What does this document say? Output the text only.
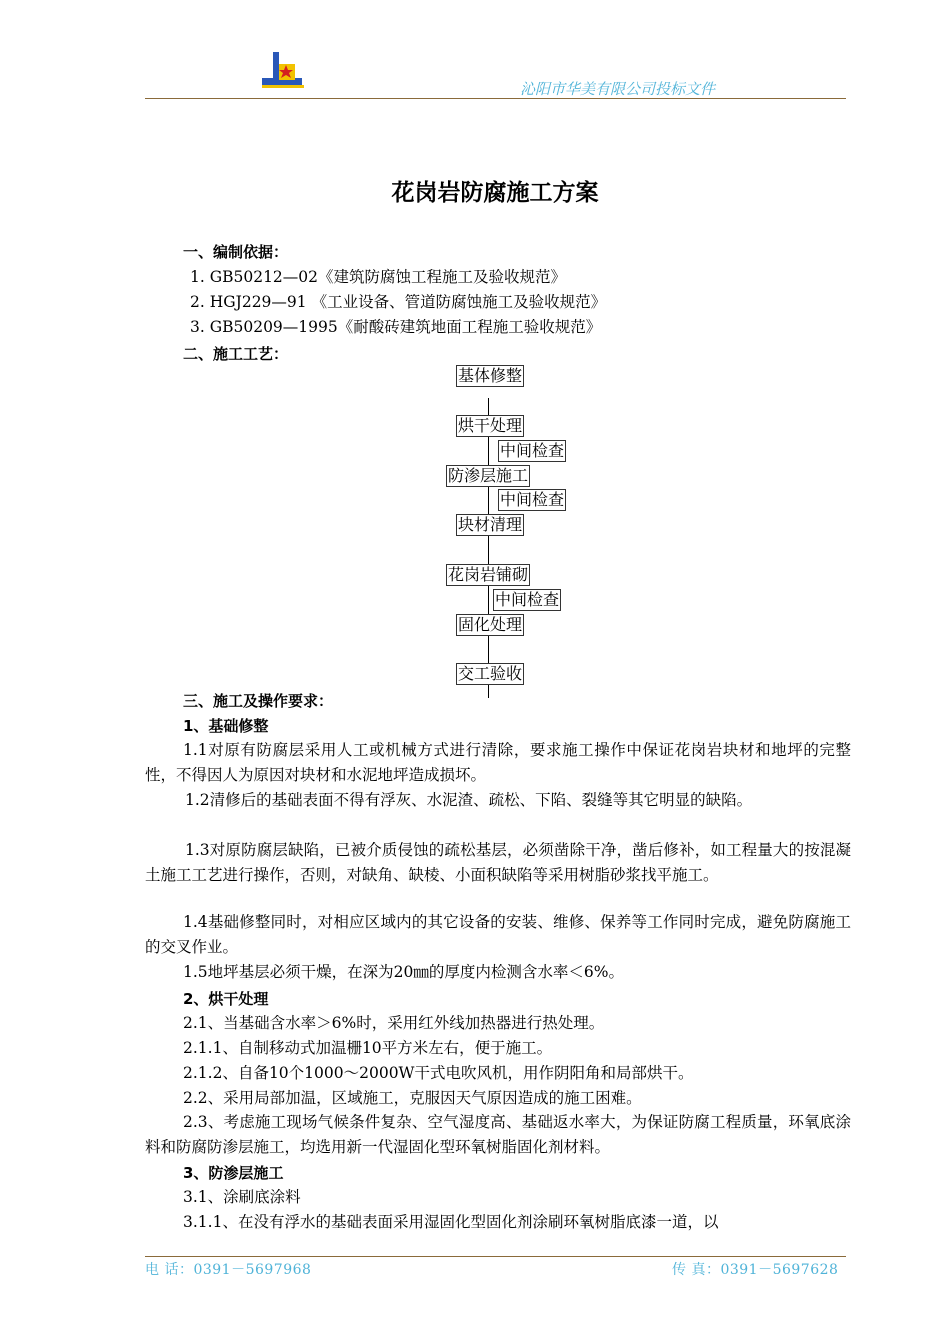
沁阳市华美有限公司投标文件
花岗岩防腐施工方案
一、编制依据：
1. GB50212—02《建筑防腐蚀工程施工及验收规范》
2. HGJ229—91 《工业设备、管道防腐蚀施工及验收规范》
3. GB50209—1995《耐酸砖建筑地面工程施工验收规范》
二、施工工艺：
基体修整
烘干处理
中间检查
防渗层施工
中间检查
块材清理
花岗岩铺砌
中间检查
固化处理
交工验收
三、施工及操作要求：
1、基础修整
1.1对原有防腐层采用人工或机械方式进行清除，要求施工操作中保证花岗岩块材和地坪的完整性，不得因人为原因对块材和水泥地坪造成损坏。
1.2清修后的基础表面不得有浮灰、水泥渣、疏松、下陷、裂缝等其它明显的缺陷。
1.3对原防腐层缺陷，已被介质侵蚀的疏松基层，必须凿除干净，凿后修补，如工程量大的按混凝土施工工艺进行操作，否则，对缺角、缺棱、小面积缺陷等采用树脂砂浆找平施工。
1.4基础修整同时，对相应区域内的其它设备的安装、维修、保养等工作同时完成，避免防腐施工的交叉作业。
1.5地坪基层必须干燥，在深为20㎜的厚度内检测含水率＜6%。
2、烘干处理
2.1、当基础含水率＞6%时，采用红外线加热器进行热处理。
2.1.1、自制移动式加温栅10平方米左右，便于施工。
2.1.2、自备10个1000～2000W干式电吹风机，用作阴阳角和局部烘干。
2.2、采用局部加温，区域施工，克服因天气原因造成的施工困难。
2.3、考虑施工现场气候条件复杂、空气湿度高、基础返水率大，为保证防腐工程质量，环氧底涂料和防腐防渗层施工，均选用新一代湿固化型环氧树脂固化剂材料。
3、防渗层施工
3.1、涂刷底涂料
3.1.1、在没有浮水的基础表面采用湿固化型固化剂涂刷环氧树脂底漆一道，以
电 话：0391－5697968	传 真：0391－5697628
